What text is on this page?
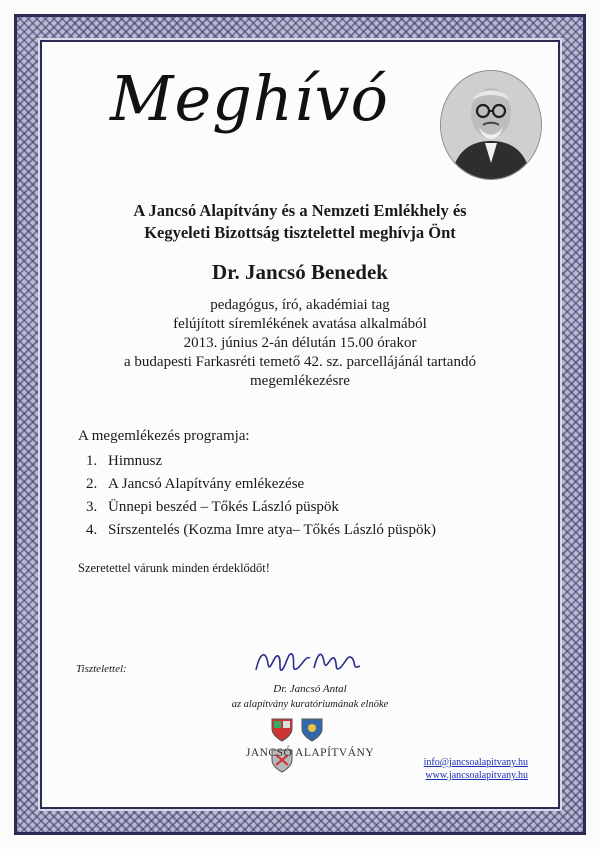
Meghívó
A Jancsó Alapítvány és a Nemzeti Emlékhely és
Kegyeleti Bizottság tisztelettel meghívja Önt
Dr. Jancsó Benedek
pedagógus, író, akadémiai tag
felújított síremlékének avatása alkalmából
2013. június 2-án délután 15.00 órakor
a budapesti Farkasréti temető 42. sz. parcellájánál tartandó
megemlékezésre
A megemlékezés programja:
1. Himnusz
2. A Jancsó Alapítvány emlékezése
3. Ünnepi beszéd – Tőkés László püspök
4. Sírszentelés (Kozma Imre atya– Tőkés László püspök)
Szeretettel várunk minden érdeklődőt!
Tisztelettel:
Dr. Jancsó Antal
az alapítvány kuratóriumának elnöke

JANCSÓ ALAPÍTVÁNY
info@jancsoalapitvany.hu
www.jancsoalapitvany.hu
